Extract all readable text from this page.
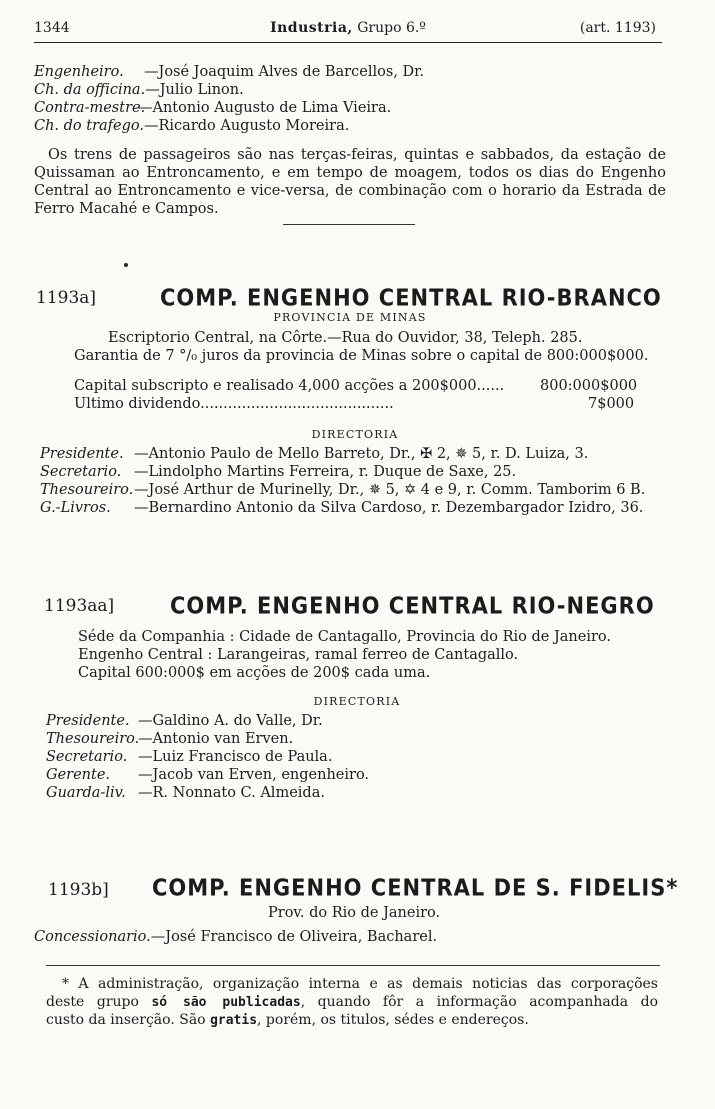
1344	Industria, Grupo 6.º	(art. 1193)
Engenheiro. —José Joaquim Alves de Barcellos, Dr.
Ch. da officina.—Julio Linon.
Contra-mestre.—Antonio Augusto de Lima Vieira.
Ch. do trafego.—Ricardo Augusto Moreira.
Os trens de passageiros são nas terças-feiras, quintas e sabbados, da estação de
Quissaman ao Entroncamento, e em tempo de moagem, todos os dias do Engenho
Central ao Entroncamento e vice-versa, de combinação com o horario da Estrada de
Ferro Macahé e Campos.
1193a]	COMP. ENGENHO CENTRAL RIO-BRANCO
PROVINCIA DE MINAS
Escriptorio Central, na Côrte.—Rua do Ouvidor, 38, Teleph. 285.
Garantia de 7 °/₀ juros da provincia de Minas sobre o capital de 800:000$000.
Capital subscripto e realisado 4,000 acções a 200$000...... 800:000$000
Ultimo dividendo..........................................	7$000
DIRECTORIA
Presidente. —Antonio Paulo de Mello Barreto, Dr., ✠ 2, ✵ 5, r. D. Luiza, 3.
Secretario. —Lindolpho Martins Ferreira, r. Duque de Saxe, 25.
Thesoureiro.—José Arthur de Murinelly, Dr., ✵ 5, ✡ 4 e 9, r. Comm. Tamborim 6 B.
G.-Livros. —Bernardino Antonio da Silva Cardoso, r. Dezembargador Izidro, 36.
1193aa]	COMP. ENGENHO CENTRAL RIO-NEGRO
Séde da Companhia : Cidade de Cantagallo, Provincia do Rio de Janeiro.
Engenho Central : Larangeiras, ramal ferreo de Cantagallo.
Capital 600:000$ em acções de 200$ cada uma.
DIRECTORIA
Presidente. —Galdino A. do Valle, Dr.
Thesoureiro.—Antonio van Erven.
Secretario. —Luiz Francisco de Paula.
Gerente. —Jacob van Erven, engenheiro.
Guarda-liv. —R. Nonnato C. Almeida.
1193b] COMP. ENGENHO CENTRAL DE S. FIDELIS*
Prov. do Rio de Janeiro.
Concessionario.—José Francisco de Oliveira, Bacharel.
* A administração, organização interna e as demais noticias das corporações
deste grupo só são publicadas, quando fôr a informação acompanhada do
custo da inserção. São gratis, porém, os titulos, sédes e endereços.
